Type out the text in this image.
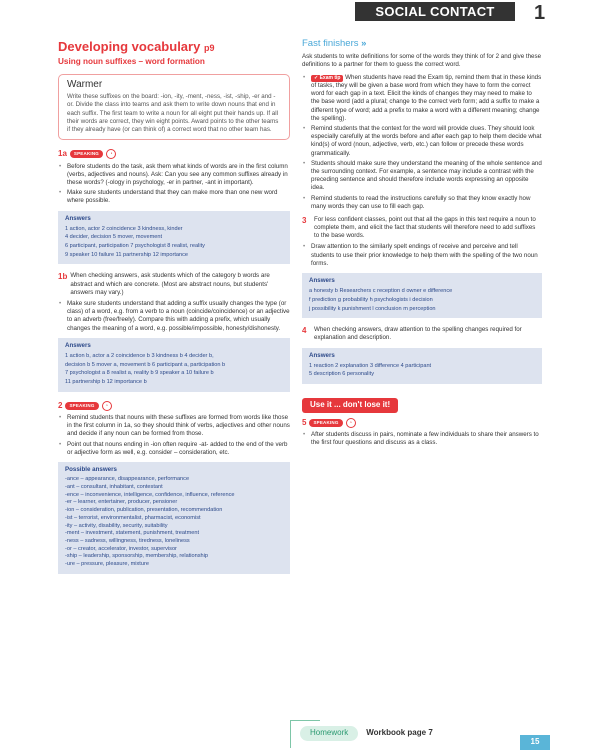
SOCIAL CONTACT	1
Developing vocabulary p9
Using noun suffixes – word formation
Warmer
Write these suffixes on the board: -ion, -ity, -ment, -ness, -ist, -ship, -er and -or. Divide the class into teams and ask them to write down nouns that end in each suffix. The first team to write a noun for all eight put their hands up. If all their words are correct, they win eight points. Award points to the other teams if they already have (or can think of) a correct word that no other team has.
1a	SPEAKING	◔
• Before students do the task, ask them what kinds of words are in the first column (verbs, adjectives and nouns). Ask: Can you see any common suffixes already in these words? (-ology in psychology, -er in partner, -ant in important).
• Make sure students understand that they can make more than one new word where possible.
Answers
1 action, actor 2 coincidence 3 kindness, kinder
4 decider, decision 5 mover, movement
6 participant, participation 7 psychologist 8 realist, reality
9 speaker 10 failure 11 partnership 12 importance
1b When checking answers, ask students which of the category b words are abstract and which are concrete. (Most are abstract nouns, but students' answers may vary.)
• Make sure students understand that adding a suffix usually changes the type (or class) of a word, e.g. from a verb to a noun (coincide/coincidence) or an adjective to an adverb (free/freely). Compare this with adding a prefix, which usually changes the meaning of a word, e.g. possible/impossible, honesty/dishonesty.
Answers
1 action b, actor a 2 coincidence b 3 kindness b 4 decider b,
decision b 5 mover a, movement b 6 participant a, participation b
7 psychologist a 8 realist a, reality b 9 speaker a 10 failure b
11 partnership b 12 importance b
2	SPEAKING	◔
• Remind students that nouns with these suffixes are formed from words like those in the first column in 1a, so they should think of verbs, adjectives and other nouns and decide if any noun can be formed from those.
• Point out that nouns ending in -ion often require -at- added to the end of the verb or adjective form as well, e.g. consider – consideration, etc.
Possible answers
-ance – appearance, disappearance, performance
-ant – consultant, inhabitant, contestant
-ence – inconvenience, intelligence, confidence, influence, reference
-er – learner, entertainer, producer, pensioner
-ion – consideration, publication, presentation, recommendation
-ist – terrorist, environmentalist, pharmacist, economist
-ity – activity, disability, security, suitability
-ment – investment, statement, punishment, treatment
-ness – sadness, willingness, tiredness, loneliness
-or – creator, accelerator, investor, supervisor
-ship – leadership, sponsorship, membership, relationship
-ure – pressure, pleasure, mixture
Fast finishers »
Ask students to write definitions for some of the words they think of for 2 and give these definitions to a partner for them to guess the correct word.
• ✓ Exam tip When students have read the Exam tip, remind them that in these kinds of tasks, they will be given a base word from which they have to form the correct word for each gap in a text. Elicit the kinds of changes they may need to make to the base word (add a plural; change to the correct verb form; add a suffix to make a different type of word; add a prefix to make a word with a different meaning; change the spelling).
• Remind students that the context for the word will provide clues. They should look especially carefully at the words before and after each gap to help them decide what kind(s) of word (noun, adjective, verb, etc.) can follow or precede these words grammatically.
• Students should make sure they understand the meaning of the whole sentence and the surrounding context. For example, a sentence may include a contrast with the preceding sentence and should therefore include words expressing an opposite idea.
• Remind students to read the instructions carefully so that they know exactly how many words they can use to fill each gap.
3	For less confident classes, point out that all the gaps in this text require a noun to complete them, and elicit the fact that students will therefore need to add suffixes to the base words.
• Draw attention to the similarly spelt endings of receive and perceive and tell students to use their prior knowledge to help them with the spelling of the two noun forms.
Answers
a honesty b Researchers c reception d owner e difference
f prediction g probability h psychologists i decision
j possibility k punishment l conclusion m perception
4	When checking answers, draw attention to the spelling changes required for explanation and description.
Answers
1 reaction 2 explanation 3 difference 4 participant
5 description 6 personality
Use it ... don't lose it!
5	SPEAKING	◔
• After students discuss in pairs, nominate a few individuals to share their answers to the first four questions and discuss as a class.
Homework	Workbook page 7
15
